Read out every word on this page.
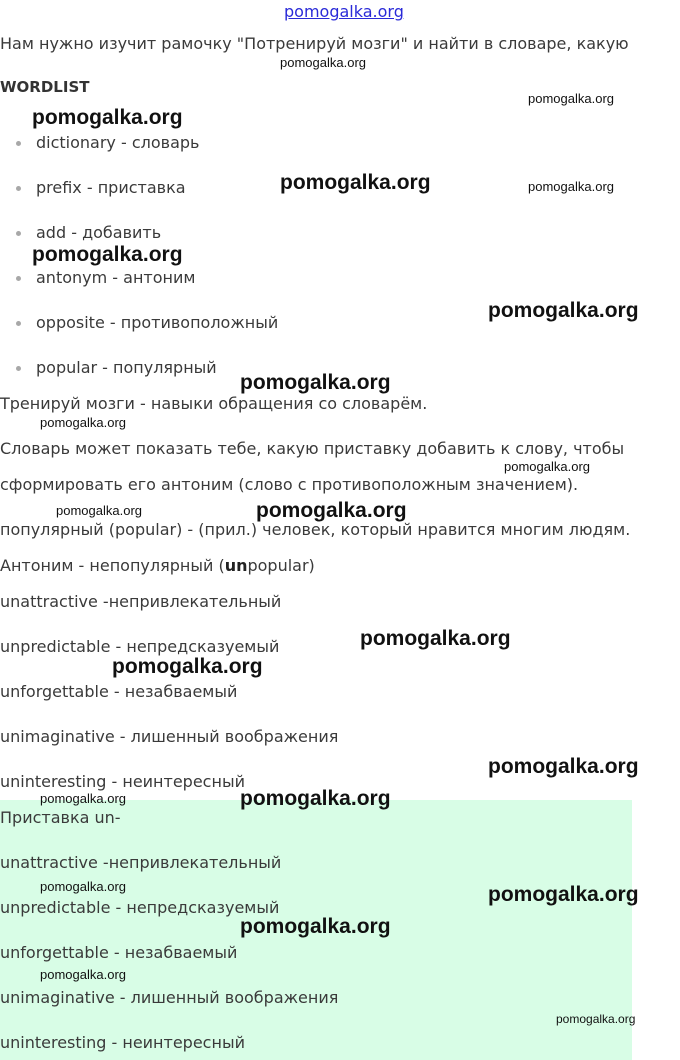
pomogalka.org
Нам нужно изучит рамочку "Потренируй мозги" и найти в словаре, какую
WORDLIST
dictionary - словарь
prefix - приставка
add - добавить
antonym - антоним
opposite - противоположный
popular - популярный
Тренируй мозги - навыки обращения со словарём.
Словарь может показать тебе, какую приставку добавить к слову, чтобы
сформировать его антоним (слово с противоположным значением).
популярный (popular) - (прил.) человек, который нравится многим людям.
Антоним - непопулярный (unpopular)
unattractive -непривлекательный
unpredictable - непредсказуемый
unforgettable - незабваемый
unimaginative - лишенный воображения
uninteresting - неинтересный
Приставка un-
unattractive -непривлекательный
unpredictable - непредсказуемый
unforgettable - незабваемый
unimaginative - лишенный воображения
uninteresting - неинтересный
pomogalka.org
pomogalka.org
pomogalka.org
pomogalka.org	pomogalka.org
pomogalka.org
pomogalka.org
pomogalka.org
pomogalka.org
pomogalka.org
pomogalka.org	pomogalka.org
pomogalka.org
pomogalka.org
pomogalka.org
pomogalka.org	pomogalka.org
pomogalka.org	pomogalka.org
pomogalka.org
pomogalka.org
pomogalka.org
